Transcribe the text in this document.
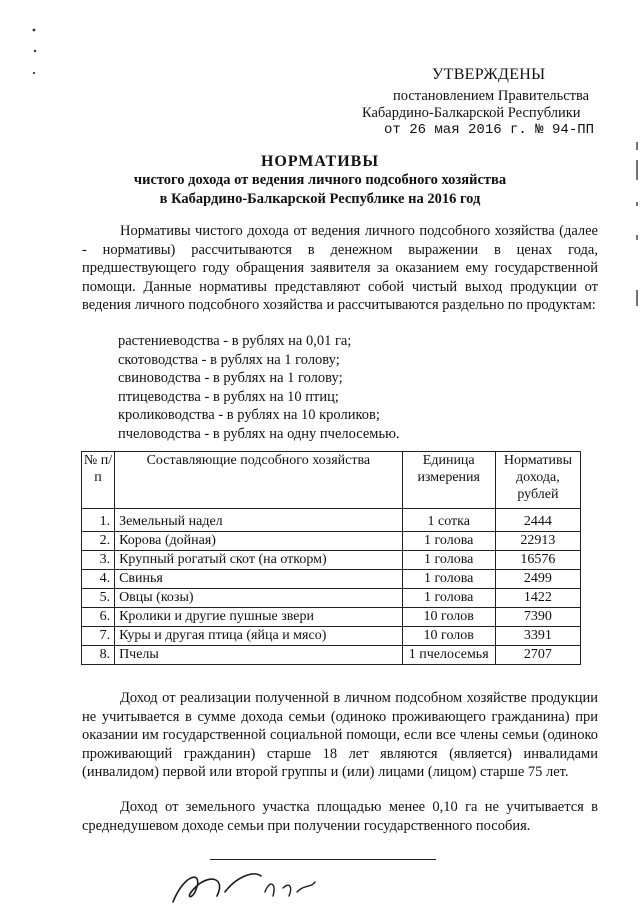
УТВЕРЖДЕНЫ
постановлением Правительства
Кабардино-Балкарской Республики
от 26 мая 2016 г. № 94-ПП
НОРМАТИВЫ
чистого дохода от ведения личного подсобного хозяйства
в Кабардино-Балкарской Республике на 2016 год
Нормативы чистого дохода от ведения личного подсобного хозяйства (далее - нормативы) рассчитываются в денежном выражении в ценах года, предшествующего году обращения заявителя за оказанием ему государственной помощи. Данные нормативы представляют собой чистый выход продукции от ведения личного подсобного хозяйства и рассчитываются раздельно по продуктам:
растениеводства - в рублях на 0,01 га;
скотоводства - в рублях на 1 голову;
свиноводства - в рублях на 1 голову;
птицеводства - в рублях на 10 птиц;
кролиководства - в рублях на 10 кроликов;
пчеловодства - в рублях на одну пчелосемью.
№ п/п	Составляющие подсобного хозяйства	Единица измерения	Нормативы дохода, рублей
1.	Земельный надел	1 сотка	2444
2.	Корова (дойная)	1 голова	22913
3.	Крупный рогатый скот (на откорм)	1 голова	16576
4.	Свинья	1 голова	2499
5.	Овцы (козы)	1 голова	1422
6.	Кролики и другие пушные звери	10 голов	7390
7.	Куры и другая птица (яйца и мясо)	10 голов	3391
8.	Пчелы	1 пчелосемья	2707
Доход от реализации полученной в личном подсобном хозяйстве продукции не учитывается в сумме дохода семьи (одиноко проживающего гражданина) при оказании им государственной социальной помощи, если все члены семьи (одиноко проживающий гражданин) старше 18 лет являются (является) инвалидами (инвалидом) первой или второй группы и (или) лицами (лицом) старше 75 лет.
Доход от земельного участка площадью менее 0,10 га не учитывается в среднедушевом доходе семьи при получении государственного пособия.
